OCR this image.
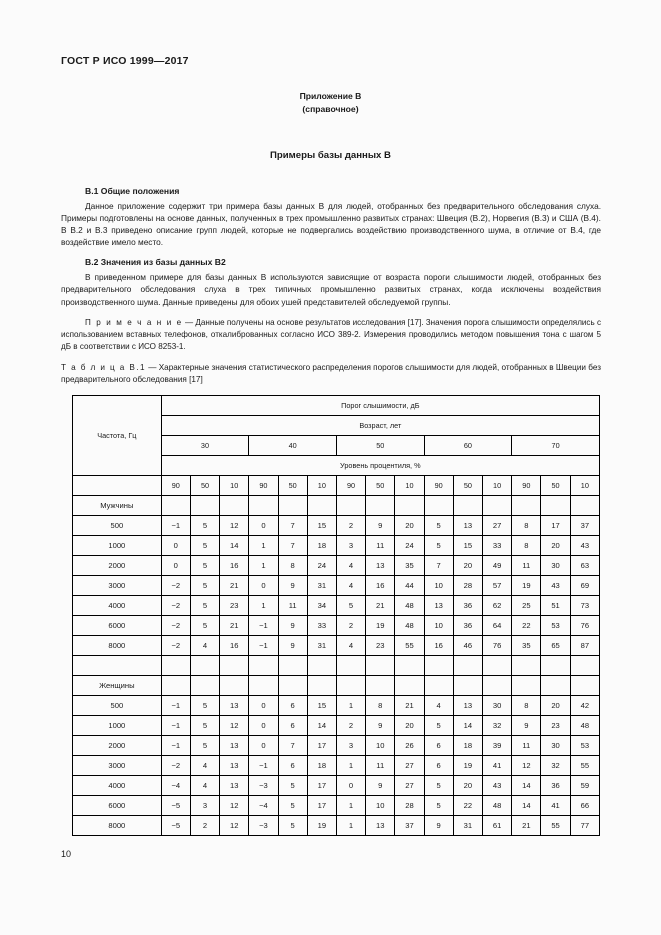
ГОСТ Р ИСО 1999—2017
Приложение В
(справочное)
Примеры базы данных В
В.1 Общие положения

Данное приложение содержит три примера базы данных В для людей, отобранных без предварительного обследования слуха. Примеры подготовлены на основе данных, полученных в трех промышленно развитых странах: Швеция (В.2), Норвегия (В.3) и США (В.4). В В.2 и В.3 приведено описание групп людей, которые не подвергались воздействию производственного шума, в отличие от В.4, где воздействие имело место.

В.2 Значения из базы данных В2

В приведенном примере для базы данных В используются зависящие от возраста пороги слышимости людей, отобранных без предварительного обследования слуха в трех типичных промышленно развитых странах, когда исключены воздействия производственного шума. Данные приведены для обоих ушей представителей обследуемой группы.

П р и м е ч а н и е — Данные получены на основе результатов исследования [17]. Значения порога слышимости определялись с использованием вставных телефонов, откалиброванных согласно ИСО 389-2. Измерения проводились методом повышения тона с шагом 5 дБ в соответствии с ИСО 8253-1.

Т а б л и ц а В.1 — Характерные значения статистического распределения порогов слышимости для людей, отобранных в Швеции без предварительного обследования [17]

Частота, Гц	Порог слышимости, дБ														
	Возраст, лет														
	30			40			50			60			70		
	Уровень процентиля, %														
	90	50	10	90	50	10	90	50	10	90	50	10	90	50	10
Мужчины															
500	−1	5	12	0	7	15	2	9	20	5	13	27	8	17	37
1000	0	5	14	1	7	18	3	11	24	5	15	33	8	20	43
2000	0	5	16	1	8	24	4	13	35	7	20	49	11	30	63
3000	−2	5	21	0	9	31	4	16	44	10	28	57	19	43	69
4000	−2	5	23	1	11	34	5	21	48	13	36	62	25	51	73
6000	−2	5	21	−1	9	33	2	19	48	10	36	64	22	53	76
8000	−2	4	16	−1	9	31	4	23	55	16	46	76	35	65	87

Женщины															
500	−1	5	13	0	6	15	1	8	21	4	13	30	8	20	42
1000	−1	5	12	0	6	14	2	9	20	5	14	32	9	23	48
2000	−1	5	13	0	7	17	3	10	26	6	18	39	11	30	53
3000	−2	4	13	−1	6	18	1	11	27	6	19	41	12	32	55
4000	−4	4	13	−3	5	17	0	9	27	5	20	43	14	36	59
6000	−5	3	12	−4	5	17	1	10	28	5	22	48	14	41	66
8000	−5	2	12	−3	5	19	1	13	37	9	31	61	21	55	77
10
